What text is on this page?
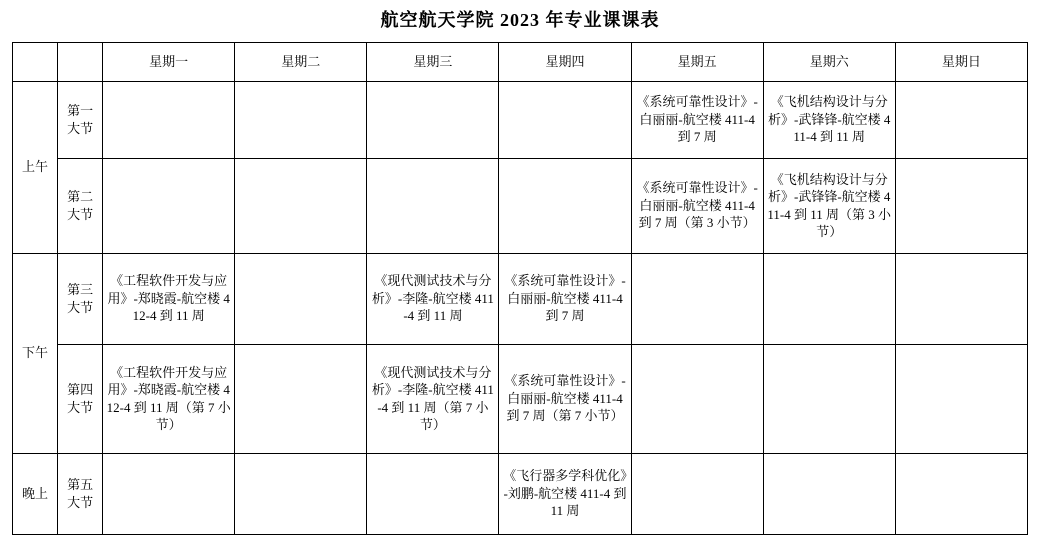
航空航天学院 2023 年专业课课表
		星期一	星期二	星期三	星期四	星期五	星期六	星期日
上午	第一大节					《系统可靠性设计》-白丽丽-航空楼 411-4 到 7 周	《飞机结构设计与分析》-武锋锋-航空楼 411-4 到 11 周	
	第二大节					《系统可靠性设计》-白丽丽-航空楼 411-4 到 7 周（第 3 小节）	《飞机结构设计与分析》-武锋锋-航空楼 411-4 到 11 周（第 3 小节）	
下午	第三大节	《工程软件开发与应用》-郑晓霞-航空楼 412-4 到 11 周		《现代测试技术与分析》-李隆-航空楼 411-4 到 11 周	《系统可靠性设计》-白丽丽-航空楼 411-4 到 7 周			
	第四大节	《工程软件开发与应用》-郑晓霞-航空楼 412-4 到 11 周（第 7 小节）		《现代测试技术与分析》-李隆-航空楼 411-4 到 11 周（第 7 小节）	《系统可靠性设计》-白丽丽-航空楼 411-4 到 7 周（第 7 小节）			
晚上	第五大节				《飞行器多学科优化》-刘鹏-航空楼 411-4 到 11 周			
